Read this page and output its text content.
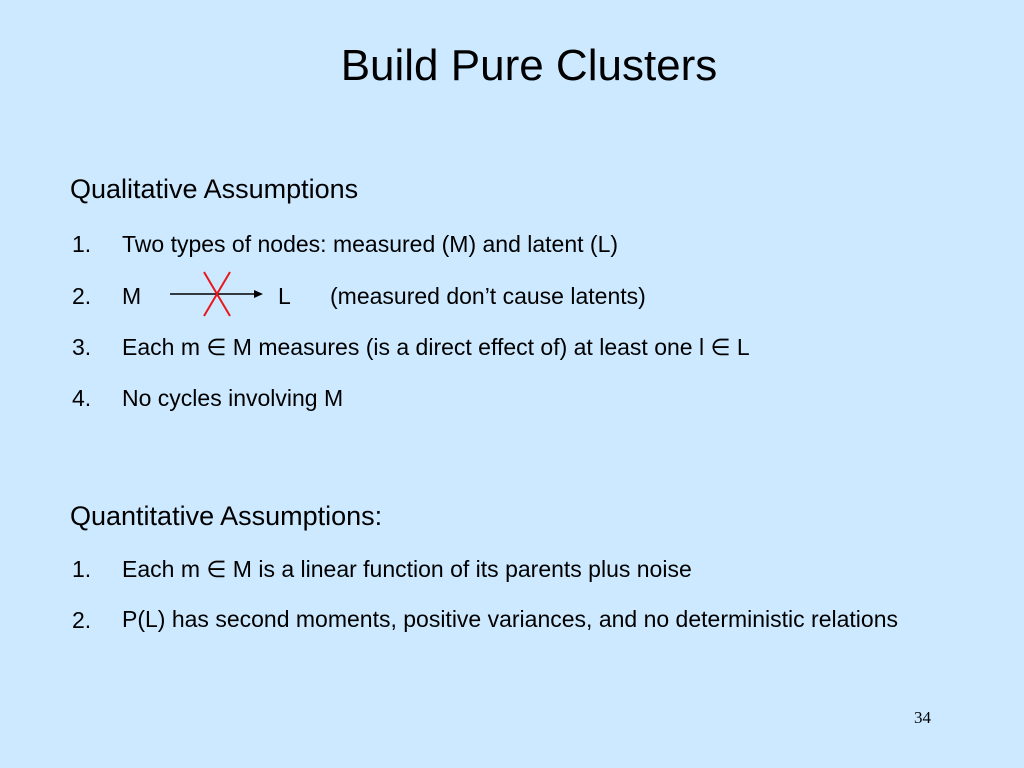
Build Pure Clusters
Qualitative Assumptions
1. Two types of nodes: measured (M) and latent (L)
2. M	L (measured don’t cause latents)
3. Each m ∈ M measures (is a direct effect of) at least one l ∈ L
4. No cycles involving M
Quantitative Assumptions:
1. Each m ∈ M is a linear function of its parents plus noise
2. P(L) has second moments, positive variances, and no deterministic relations
34
